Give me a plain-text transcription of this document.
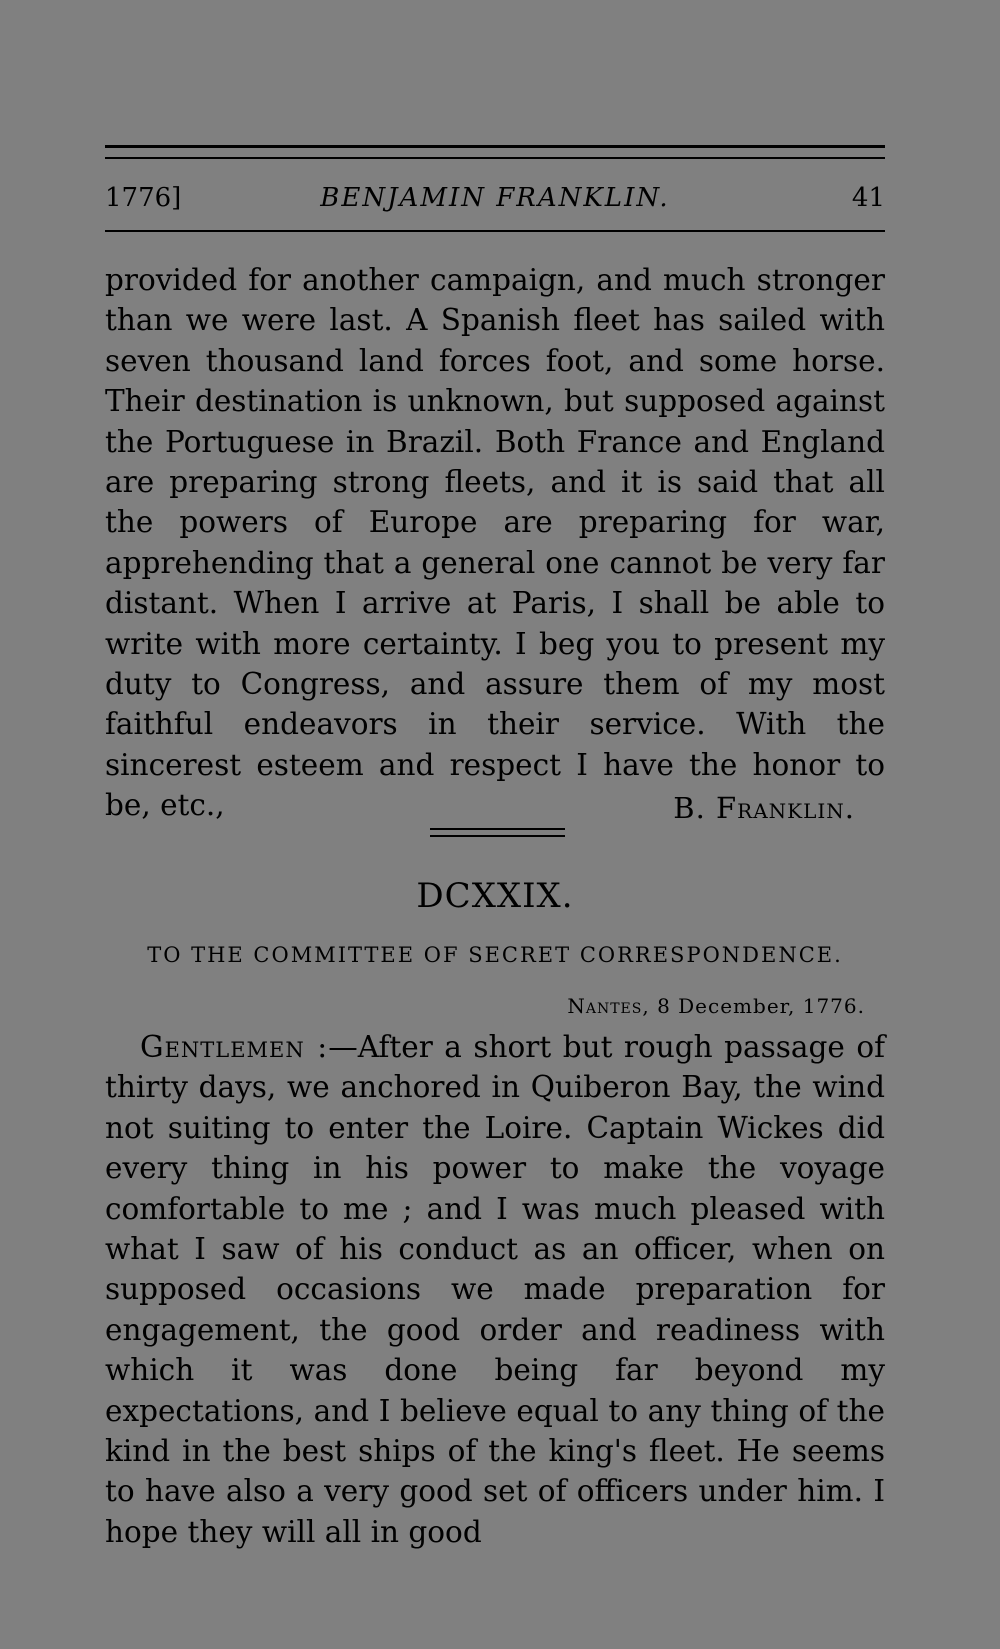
1776]	BENJAMIN FRANKLIN.	41

provided for another campaign, and much stronger than we were last. A Spanish fleet has sailed with seven thousand land forces foot, and some horse. Their destination is unknown, but supposed against the Portuguese in Brazil. Both France and England are preparing strong fleets, and it is said that all the powers of Europe are preparing for war, apprehending that a general one cannot be very far distant. When I arrive at Paris, I shall be able to write with more certainty. I beg you to present my duty to Congress, and assure them of my most faithful endeavors in their service. With the sincerest esteem and respect I have the honor to be, etc.,	B. Franklin.
DCXXIX.
TO THE COMMITTEE OF SECRET CORRESPONDENCE.
Nantes, 8 December, 1776.

Gentlemen :—After a short but rough passage of thirty days, we anchored in Quiberon Bay, the wind not suiting to enter the Loire. Captain Wickes did every thing in his power to make the voyage comfortable to me ; and I was much pleased with what I saw of his conduct as an officer, when on supposed occasions we made preparation for engagement, the good order and readiness with which it was done being far beyond my expectations, and I believe equal to any thing of the kind in the best ships of the king's fleet. He seems to have also a very good set of officers under him. I hope they will all in good
